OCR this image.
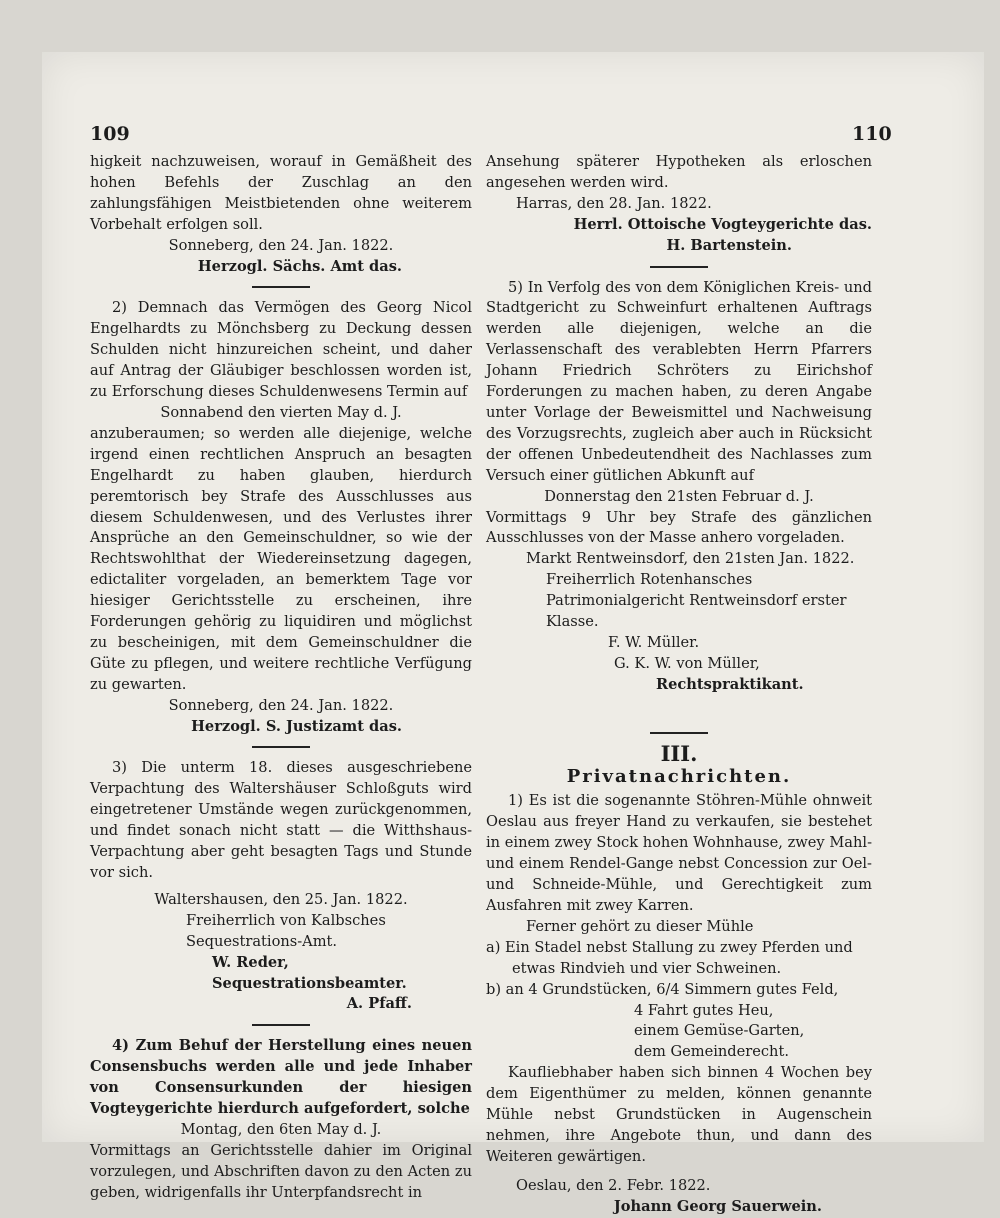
109	110

higkeit nachzuweisen, worauf in Gemäßheit des hohen Befehls der Zuschlag an den zahlungsfähigen Meistbietenden ohne weiterem Vorbehalt erfolgen soll.

Sonneberg, den 24. Jan. 1822.

Herzogl. Sächs. Amt das.

2) Demnach das Vermögen des Georg Nicol Engelhardts zu Mönchsberg zu Deckung dessen Schulden nicht hinzureichen scheint, und daher auf Antrag der Gläubiger beschlossen worden ist, zu Erforschung dieses Schuldenwesens Termin auf

Sonnabend den vierten May d. J.

anzuberaumen; so werden alle diejenige, welche irgend einen rechtlichen Anspruch an besagten Engelhardt zu haben glauben, hierdurch peremtorisch bey Strafe des Ausschlusses aus diesem Schuldenwesen, und des Verlustes ihrer Ansprüche an den Gemeinschuldner, so wie der Rechtswohlthat der Wiedereinsetzung dagegen, edictaliter vorgeladen, an bemerktem Tage vor hiesiger Gerichtsstelle zu erscheinen, ihre Forderungen gehörig zu liquidiren und möglichst zu bescheinigen, mit dem Gemeinschuldner die Güte zu pflegen, und weitere rechtliche Verfügung zu gewarten.

Sonneberg, den 24. Jan. 1822.

Herzogl. S. Justizamt das.

3) Die unterm 18. dieses ausgeschriebene Verpachtung des Waltershäuser Schloßguts wird eingetretener Umstände wegen zurückgenommen, und findet sonach nicht statt — die Witthshaus-Verpachtung aber geht besagten Tags und Stunde vor sich.

Waltershausen, den 25. Jan. 1822.

Freiherrlich von Kalbsches Sequestrations-Amt.

W. Reder, Sequestrationsbeamter.

A. Pfaff.

4) Zum Behuf der Herstellung eines neuen Consensbuchs werden alle und jede Inhaber von Consensurkunden der hiesigen Vogteygerichte hierdurch aufgefordert, solche

Montag, den 6ten May d. J.

Vormittags an Gerichtsstelle dahier im Original vorzulegen, und Abschriften davon zu den Acten zu geben, widrigenfalls ihr Unterpfandsrecht in

Ansehung späterer Hypotheken als erloschen angesehen werden wird.

Harras, den 28. Jan. 1822.

Herrl. Ottoische Vogteygerichte das.

H. Bartenstein.

5) In Verfolg des von dem Königlichen Kreis- und Stadtgericht zu Schweinfurt erhaltenen Auftrags werden alle diejenigen, welche an die Verlassenschaft des verablebten Herrn Pfarrers Johann Friedrich Schröters zu Eirichshof Forderungen zu machen haben, zu deren Angabe unter Vorlage der Beweismittel und Nachweisung des Vorzugsrechts, zugleich aber auch in Rücksicht der offenen Unbedeutendheit des Nachlasses zum Versuch einer gütlichen Abkunft auf

Donnerstag den 21sten Februar d. J.

Vormittags 9 Uhr bey Strafe des gänzlichen Ausschlusses von der Masse anhero vorgeladen.

Markt Rentweinsdorf, den 21sten Jan. 1822.

Freiherrlich Rotenhansches Patrimonialgericht Rentweinsdorf erster Klasse.

F. W. Müller.

G. K. W. von Müller,

Rechtspraktikant.

III.
Privatnachrichten.

1) Es ist die sogenannte Stöhren-Mühle ohnweit Oeslau aus freyer Hand zu verkaufen, sie bestehet in einem zwey Stock hohen Wohnhause, zwey Mahl- und einem Rendel-Gange nebst Concession zur Oel- und Schneide-Mühle, und Gerechtigkeit zum Ausfahren mit zwey Karren.

Ferner gehört zu dieser Mühle

a) Ein Stadel nebst Stallung zu zwey Pferden und etwas Rindvieh und vier Schweinen.

b) an 4 Grundstücken, 6/4 Simmern gutes Feld,

4 Fahrt gutes Heu,

einem Gemüse-Garten,

dem Gemeinderecht.

Kaufliebhaber haben sich binnen 4 Wochen bey dem Eigenthümer zu melden, können genannte Mühle nebst Grundstücken in Augenschein nehmen, ihre Angebote thun, und dann des Weiteren gewärtigen.

Oeslau, den 2. Febr. 1822.

Johann Georg Sauerwein.
